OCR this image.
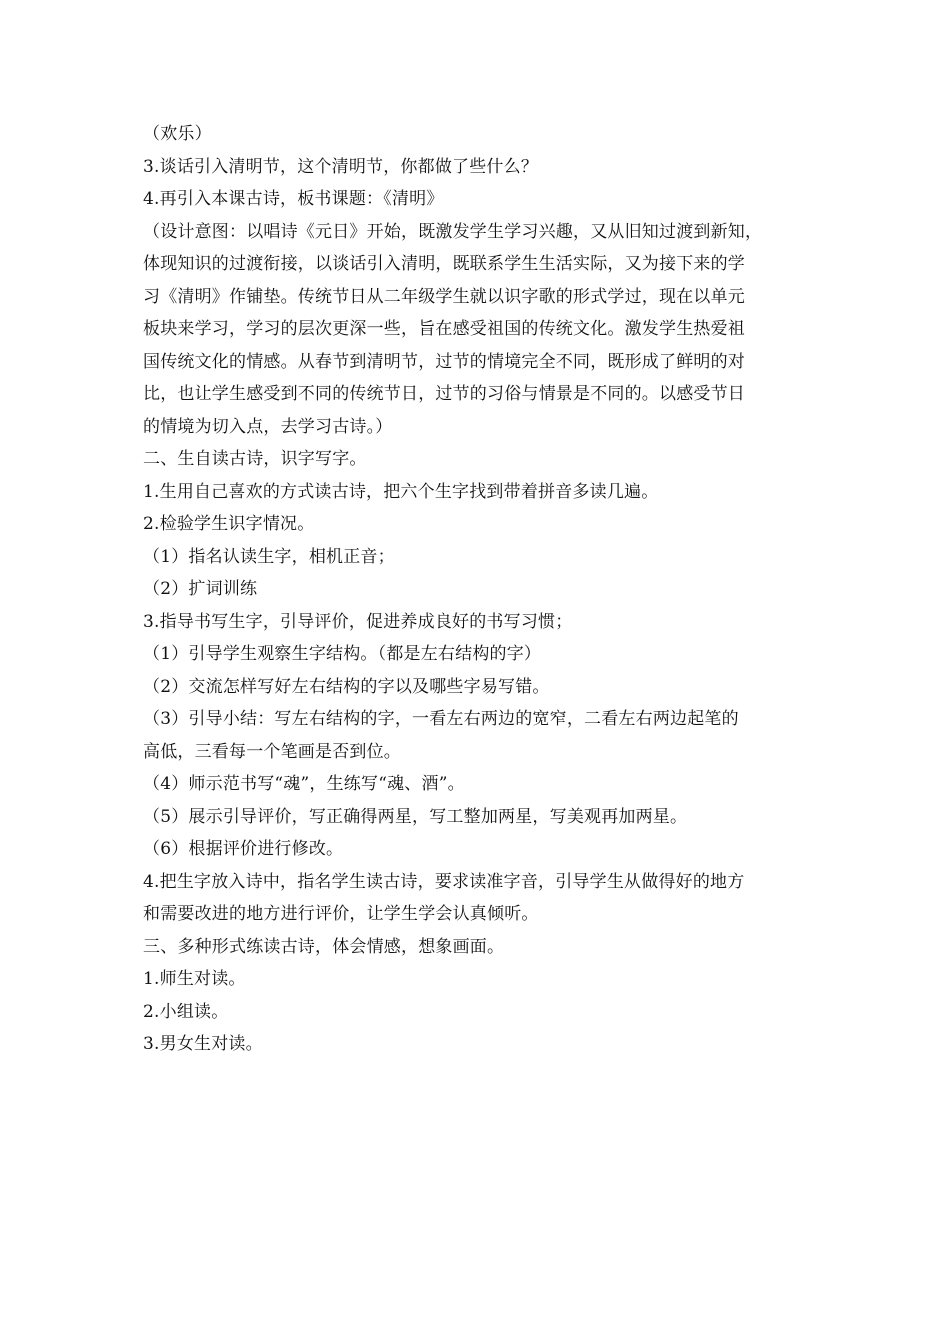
（欢乐）
3.谈话引入清明节，这个清明节，你都做了些什么？
4.再引入本课古诗，板书课题：《清明》
（设计意图：以唱诗《元日》开始，既激发学生学习兴趣，又从旧知过渡到新知，
体现知识的过渡衔接，以谈话引入清明，既联系学生生活实际，又为接下来的学
习《清明》作铺垫。传统节日从二年级学生就以识字歌的形式学过，现在以单元
板块来学习，学习的层次更深一些，旨在感受祖国的传统文化。激发学生热爱祖
国传统文化的情感。从春节到清明节，过节的情境完全不同，既形成了鲜明的对
比，也让学生感受到不同的传统节日，过节的习俗与情景是不同的。以感受节日
的情境为切入点，去学习古诗。）
二、生自读古诗，识字写字。
1.生用自己喜欢的方式读古诗，把六个生字找到带着拼音多读几遍。
2.检验学生识字情况。
（1）指名认读生字，相机正音；
（2）扩词训练
3.指导书写生字，引导评价，促进养成良好的书写习惯；
（1）引导学生观察生字结构。（都是左右结构的字）
（2）交流怎样写好左右结构的字以及哪些字易写错。
（3）引导小结：写左右结构的字，一看左右两边的宽窄，二看左右两边起笔的
高低，三看每一个笔画是否到位。
（4）师示范书写“魂”，生练写“魂、酒”。
（5）展示引导评价，写正确得两星，写工整加两星，写美观再加两星。
（6）根据评价进行修改。
4.把生字放入诗中，指名学生读古诗，要求读准字音，引导学生从做得好的地方
和需要改进的地方进行评价，让学生学会认真倾听。
三、多种形式练读古诗，体会情感，想象画面。
1.师生对读。
2.小组读。
3.男女生对读。
